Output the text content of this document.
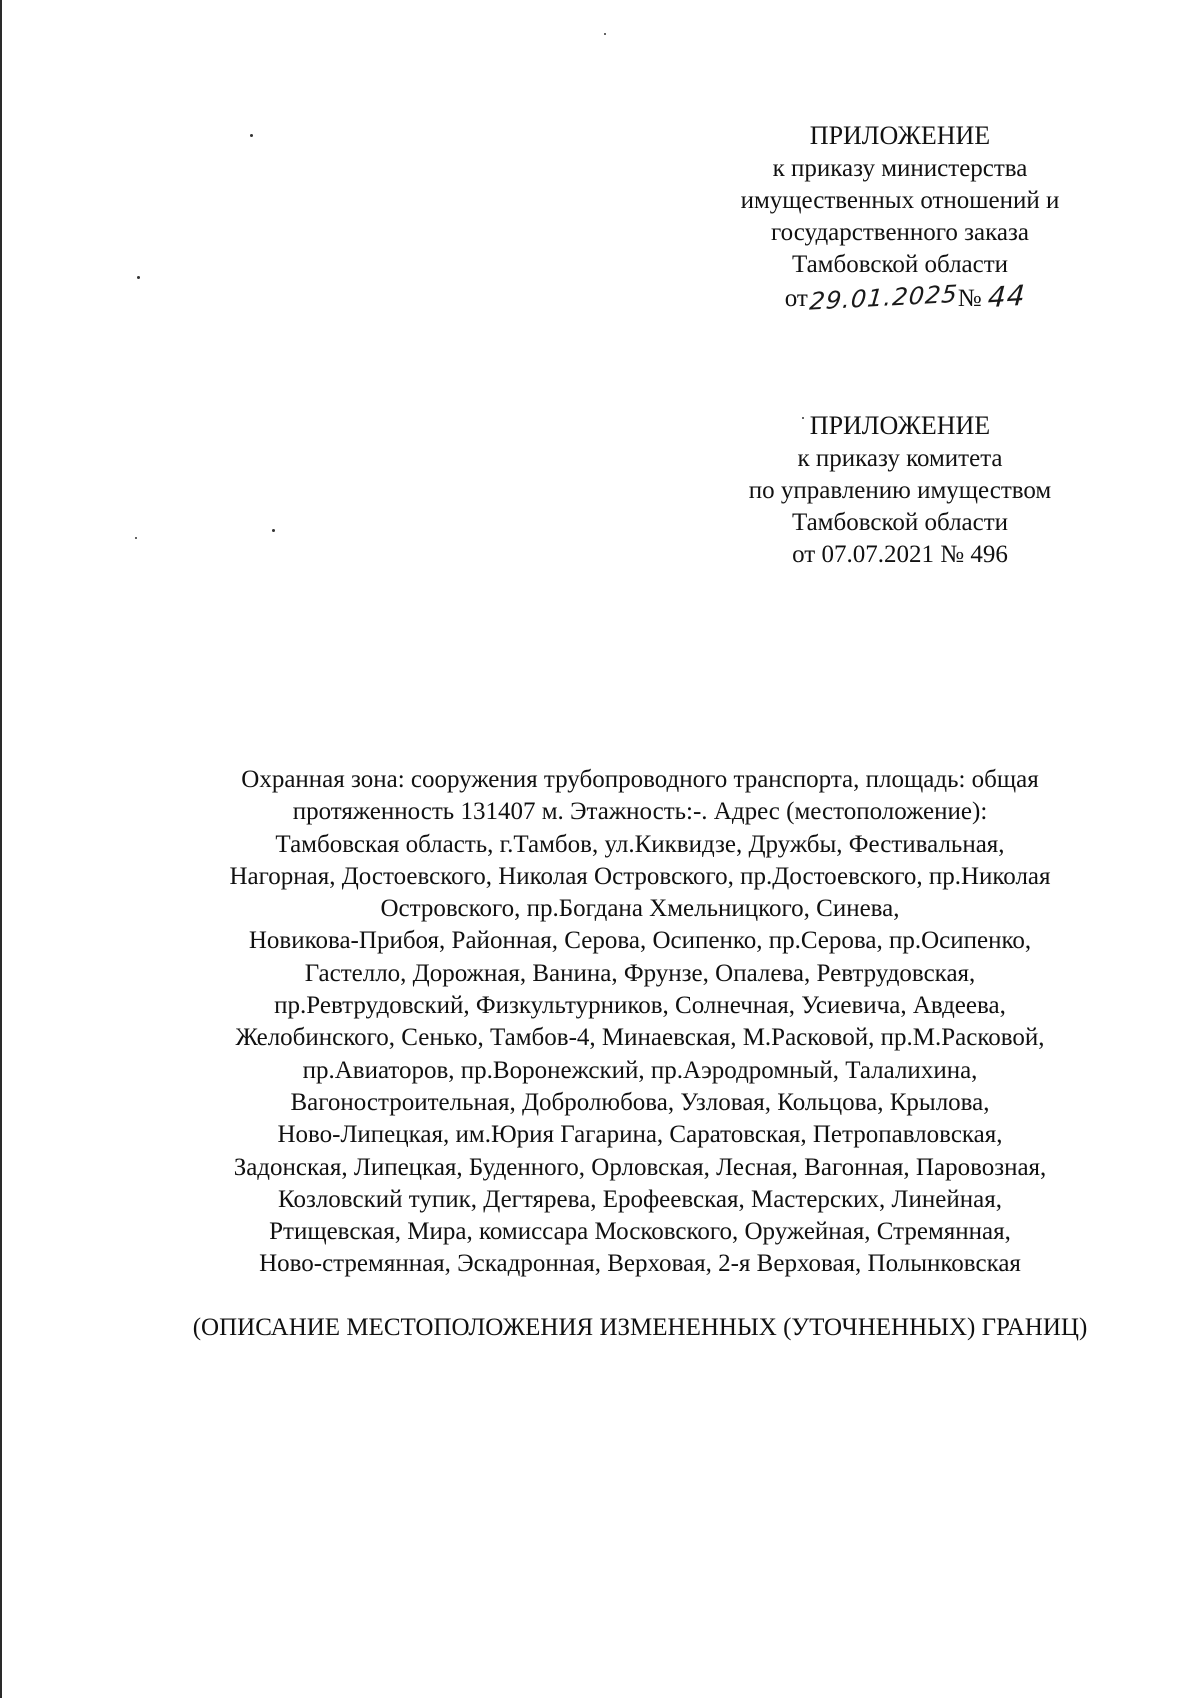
ПРИЛОЖЕНИЕ
к приказу министерства
имущественных отношений и
государственного заказа
Тамбовской области
от 29.01.2025
№ 44
ПРИЛОЖЕНИЕ
к приказу комитета
по управлению имуществом
Тамбовской области
от 07.07.2021 № 496
Охранная зона: сооружения трубопроводного транспорта, площадь: общая
протяженность 131407 м. Этажность:-. Адрес (местоположение):
Тамбовская область, г.Тамбов, ул.Киквидзе, Дружбы, Фестивальная,
Нагорная, Достоевского, Николая Островского, пр.Достоевского, пр.Николая
Островского, пр.Богдана Хмельницкого, Синева,
Новикова-Прибоя, Районная, Серова, Осипенко, пр.Серова, пр.Осипенко,
Гастелло, Дорожная, Ванина, Фрунзе, Опалева, Ревтрудовская,
пр.Ревтрудовский, Физкультурников, Солнечная, Усиевича, Авдеева,
Желобинского, Сенько, Тамбов-4, Минаевская, М.Расковой, пр.М.Расковой,
пр.Авиаторов, пр.Воронежский, пр.Аэродромный, Талалихина,
Вагоностроительная, Добролюбова, Узловая, Кольцова, Крылова,
Ново-Липецкая, им.Юрия Гагарина, Саратовская, Петропавловская,
Задонская, Липецкая, Буденного, Орловская, Лесная, Вагонная, Паровозная,
Козловский тупик, Дегтярева, Ерофеевская, Мастерских, Линейная,
Ртищевская, Мира, комиссара Московского, Оружейная, Стремянная,
Ново-стремянная, Эскадронная, Верховая, 2-я Верховая, Полынковская
(ОПИСАНИЕ МЕСТОПОЛОЖЕНИЯ ИЗМЕНЕННЫХ (УТОЧНЕННЫХ) ГРАНИЦ)
